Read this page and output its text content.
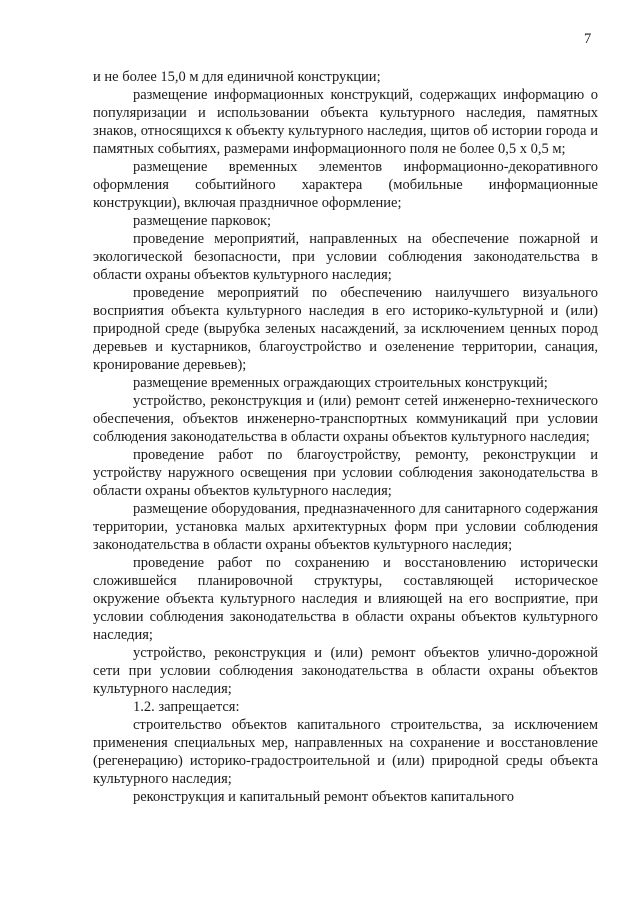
7

и не более 15,0 м для единичной конструкции;

размещение информационных конструкций, содержащих информацию о популяризации и использовании объекта культурного наследия, памятных знаков, относящихся к объекту культурного наследия, щитов об истории города и памятных событиях, размерами информационного поля не более 0,5 х 0,5 м;

размещение временных элементов информационно-декоративного оформления событийного характера (мобильные информационные конструкции), включая праздничное оформление;

размещение парковок;

проведение мероприятий, направленных на обеспечение пожарной и экологической безопасности, при условии соблюдения законодательства в области охраны объектов культурного наследия;

проведение мероприятий по обеспечению наилучшего визуального восприятия объекта культурного наследия в его историко-культурной и (или) природной среде (вырубка зеленых насаждений, за исключением ценных пород деревьев и кустарников, благоустройство и озеленение территории, санация, кронирование деревьев);

размещение временных ограждающих строительных конструкций;

устройство, реконструкция и (или) ремонт сетей инженерно-технического обеспечения, объектов инженерно-транспортных коммуникаций при условии соблюдения законодательства в области охраны объектов культурного наследия;

проведение работ по благоустройству, ремонту, реконструкции и устройству наружного освещения при условии соблюдения законодательства в области охраны объектов культурного наследия;

размещение оборудования, предназначенного для санитарного содержания территории, установка малых архитектурных форм при условии соблюдения законодательства в области охраны объектов культурного наследия;

проведение работ по сохранению и восстановлению исторически сложившейся планировочной структуры, составляющей историческое окружение объекта культурного наследия и влияющей на его восприятие, при условии соблюдения законодательства в области охраны объектов культурного наследия;

устройство, реконструкция и (или) ремонт объектов улично-дорожной сети при условии соблюдения законодательства в области охраны объектов культурного наследия;

1.2. запрещается:

строительство объектов капитального строительства, за исключением применения специальных мер, направленных на сохранение и восстановление (регенерацию) историко-градостроительной и (или) природной среды объекта культурного наследия;

реконструкция и капитальный ремонт объектов капитального
